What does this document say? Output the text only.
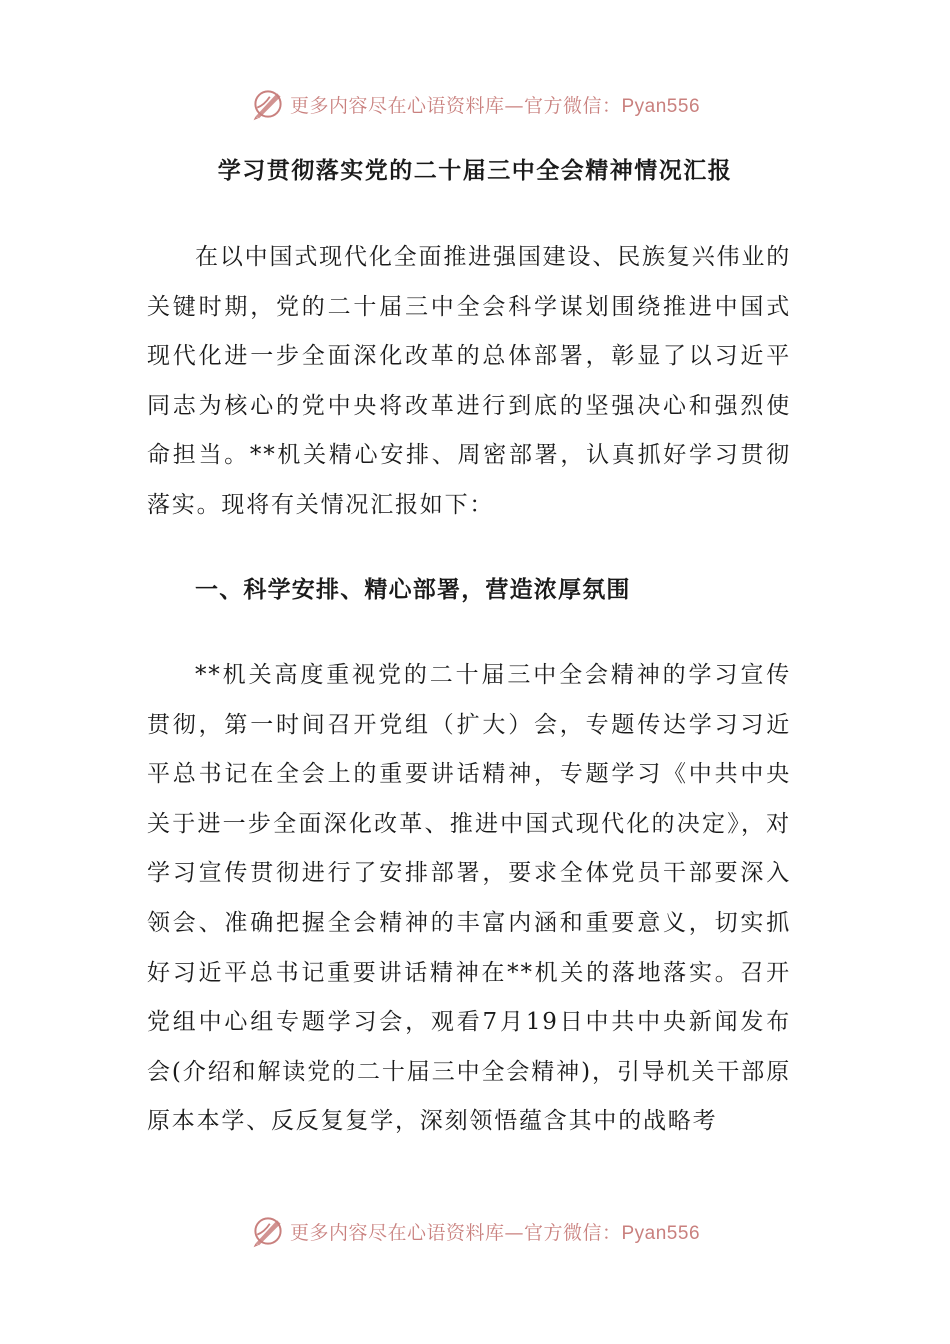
更多内容尽在心语资料库—官方微信：Pyan556
学习贯彻落实党的二十届三中全会精神情况汇报
在以中国式现代化全面推进强国建设、民族复兴伟业的关键时期，党的二十届三中全会科学谋划围绕推进中国式现代化进一步全面深化改革的总体部署，彰显了以习近平同志为核心的党中央将改革进行到底的坚强决心和强烈使命担当。**机关精心安排、周密部署，认真抓好学习贯彻落实。现将有关情况汇报如下：
一、科学安排、精心部署，营造浓厚氛围
**机关高度重视党的二十届三中全会精神的学习宣传贯彻，第一时间召开党组（扩大）会，专题传达学习习近平总书记在全会上的重要讲话精神，专题学习《中共中央关于进一步全面深化改革、推进中国式现代化的决定》，对学习宣传贯彻进行了安排部署，要求全体党员干部要深入领会、准确把握全会精神的丰富内涵和重要意义，切实抓好习近平总书记重要讲话精神在**机关的落地落实。召开党组中心组专题学习会，观看7月19日中共中央新闻发布会(介绍和解读党的二十届三中全会精神)，引导机关干部原原本本学、反反复复学，深刻领悟蕴含其中的战略考
更多内容尽在心语资料库—官方微信：Pyan556
